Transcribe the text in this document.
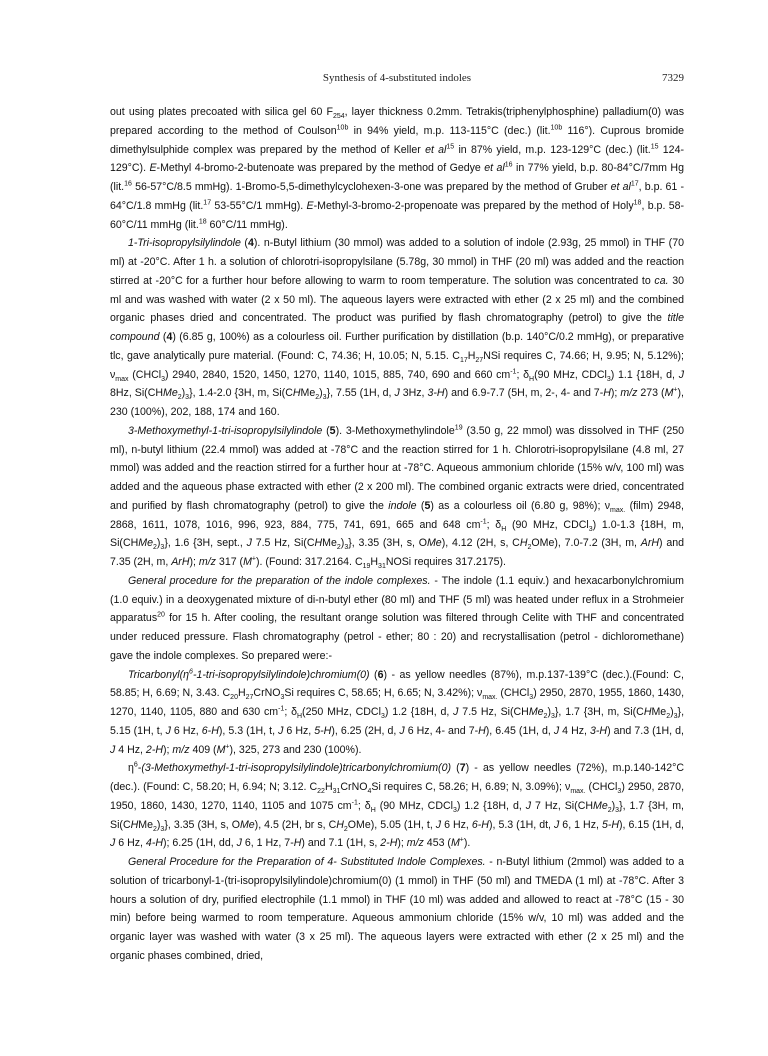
Synthesis of 4-substituted indoles	7329

out using plates precoated with silica gel 60 $F_{254}$, layer thickness 0.2mm. Tetrakis(triphenylphosphine) palladium(0) was prepared according to the method of Coulson$^{10b}$ in 94% yield, m.p. 113-115°C (dec.) (lit.$^{10b}$ 116°). Cuprous bromide dimethylsulphide complex was prepared by the method of Keller et $al^{15}$ in 87% yield, m.p. 123-129°C (dec.) (lit.$^{15}$ 124-129°C). E-Methyl 4-bromo-2-butenoate was prepared by the method of Gedye et $al^{16}$ in 77% yield, b.p. 80-84°C/7mm Hg (lit.$^{16}$ 56-57°C/8.5 mmHg). 1-Bromo-5,5-dimethylcyclohexen-3-one was prepared by the method of Gruber et $al^{17}$, b.p. 61 - 64°C/1.8 mmHg (lit.$^{17}$ 53-55°C/1 mmHg). E-Methyl-3-bromo-2-propenoate was prepared by the method of Holy$^{18}$, b.p. 58-60°C/11 mmHg (lit.$^{18}$ 60°C/11 mmHg).

1-Tri-isopropylsilylindole (4). n-Butyl lithium (30 mmol) was added to a solution of indole (2.93g, 25 mmol) in THF (70 ml) at -20°C. After 1 h. a solution of chlorotri-isopropylsilane (5.78g, 30 mmol) in THF (20 ml) was added and the reaction stirred at -20°C for a further hour before allowing to warm to room temperature. The solution was concentrated to ca. 30 ml and was washed with water (2 x 50 ml). The aqueous layers were extracted with ether (2 x 25 ml) and the combined organic phases dried and concentrated. The product was purified by flash chromatography (petrol) to give the title compound (4) (6.85 g, 100%) as a colourless oil. Further purification by distillation (b.p. 140°C/0.2 mmHg), or preparative tlc, gave analytically pure material. (Found: C, 74.36; H, 10.05; N, 5.15. $C_{17}H_{27}NSi$ requires C, 74.66; H, 9.95; N, 5.12%); $\nu_{max}$ (CHCl$_3$) 2940, 2840, 1520, 1450, 1270, 1140, 1015, 885, 740, 690 and 660 $cm^{-1}$; $\delta_H(90$ MHz, CDCl$_3$) 1.1 {18H, d, J 8Hz, $Si(CHMe_2)_3$}, 1.4-2.0 {3H, m, $Si(CHMe_2)_3$}, 7.55 (1H, d, J 3Hz, 3-H) and 6.9-7.7 (5H, m, 2-, 4- and 7-H); m/z 273 (M+), 230 (100%), 202, 188, 174 and 160.

3-Methoxymethyl-1-tri-isopropylsilylindole (5). 3-Methoxymethylindole$^{19}$ (3.50 g, 22 mmol) was dissolved in THF (250 ml), n-butyl lithium (22.4 mmol) was added at -78°C and the reaction stirred for 1 h. Chlorotri-isopropylsilane (4.8 ml, 27 mmol) was added and the reaction stirred for a further hour at -78°C. Aqueous ammonium chloride (15% w/v, 100 ml) was added and the aqueous phase extracted with ether (2 x 200 ml). The combined organic extracts were dried, concentrated and purified by flash chromatography (petrol) to give the indole (5) as a colourless oil (6.80 g, 98%); $\nu_{max.}$ (film) 2948, 2868, 1611, 1078, 1016, 996, 923, 884, 775, 741, 691, 665 and 648 $cm^{-1}$; $\delta_H$ (90 MHz, CDCl$_3$) 1.0-1.3 {18H, m, $Si(CHMe_2)_3$}, 1.6 {3H, sept., J 7.5 Hz, $Si(CHMe_2)_3$}, 3.35 (3H, s, OMe), 4.12 (2H, s, $CH_2OMe$), 7.0-7.2 (3H, m, ArH) and 7.35 (2H, m, ArH); m/z 317 (M+). (Found: 317.2164. $C_{19}H_{31}NOSi$ requires 317.2175).

General procedure for the preparation of the indole complexes. - The indole (1.1 equiv.) and hexacarbonylchromium (1.0 equiv.) in a deoxygenated mixture of di-n-butyl ether (80 ml) and THF (5 ml) was heated under reflux in a Strohmeier apparatus$^{20}$ for 15 h. After cooling, the resultant orange solution was filtered through Celite with THF and concentrated under reduced pressure. Flash chromatography (petrol - ether; 80 : 20) and recrystallisation (petrol - dichloromethane) gave the indole complexes. So prepared were:-

$Tricarbonyl(\eta^6-1-tri-isopropylsilylindole)chromium(0)$ (6) - as yellow needles (87%), m.p.137-139°C (dec.).(Found: C, 58.85; H, 6.69; N, 3.43. $C_{20}H_{27}CrNO_3Si$ requires C, 58.65; H, 6.65; N, 3.42%); $\nu_{max.}$ (CHCl$_3$) 2950, 2870, 1955, 1860, 1430, 1270, 1140, 1105, 880 and 630 $cm^{-1}$; $\delta_H(250$ MHz, CDCl$_3$) 1.2 {18H, d, J 7.5 Hz, $Si(CHMe_2)_3$}, 1.7 {3H, m, $Si(CHMe_2)_3$}, 5.15 (1H, t, J 6 Hz, 6-H), 5.3 (1H, t, J 6 Hz, 5-H), 6.25 (2H, d, J 6 Hz, 4- and 7-H), 6.45 (1H, d, J 4 Hz, 3-H) and 7.3 (1H, d, J 4 Hz, 2-H); m/z 409 (M+), 325, 273 and 230 (100%).

$\eta^6-(3-Methoxymethyl-1-tri-isopropylsilylindole)tricarbonylchromium(0)$ (7) - as yellow needles (72%), m.p.140-142°C (dec.). (Found: C, 58.20; H, 6.94; N; 3.12. $C_{22}H_{31}CrNO_4Si$ requires C, 58.26; H, 6.89; N, 3.09%); $\nu_{max.}$ (CHCl$_3$) 2950, 2870, 1950, 1860, 1430, 1270, 1140, 1105 and 1075 $cm^{-1}$; $\delta_H$ (90 MHz, CDCl$_3$) 1.2 {18H, d, J 7 Hz, $Si(CHMe_2)_3$}, 1.7 {3H, m, $Si(CHMe_2)_3$}, 3.35 (3H, s, OMe), 4.5 (2H, br s, $CH_2OMe$), 5.05 (1H, t, J 6 Hz, 6-H), 5.3 (1H, dt, J 6, 1 Hz, 5-H), 6.15 (1H, d, J 6 Hz, 4-H); 6.25 (1H, dd, J 6, 1 Hz, 7-H) and 7.1 (1H, s, 2-H); m/z 453 (M+).

General Procedure for the Preparation of 4- Substituted Indole Complexes. - n-Butyl lithium (2mmol) was added to a solution of tricarbonyl-1-(tri-isopropylsilylindole)chromium(0) (1 mmol) in THF (50 ml) and TMEDA (1 ml) at -78°C. After 3 hours a solution of dry, purified electrophile (1.1 mmol) in THF (10 ml) was added and allowed to react at -78°C (15 - 30 min) before being warmed to room temperature. Aqueous ammonium chloride (15% w/v, 10 ml) was added and the organic layer was washed with water (3 x 25 ml). The aqueous layers were extracted with ether (2 x 25 ml) and the organic phases combined, dried,
